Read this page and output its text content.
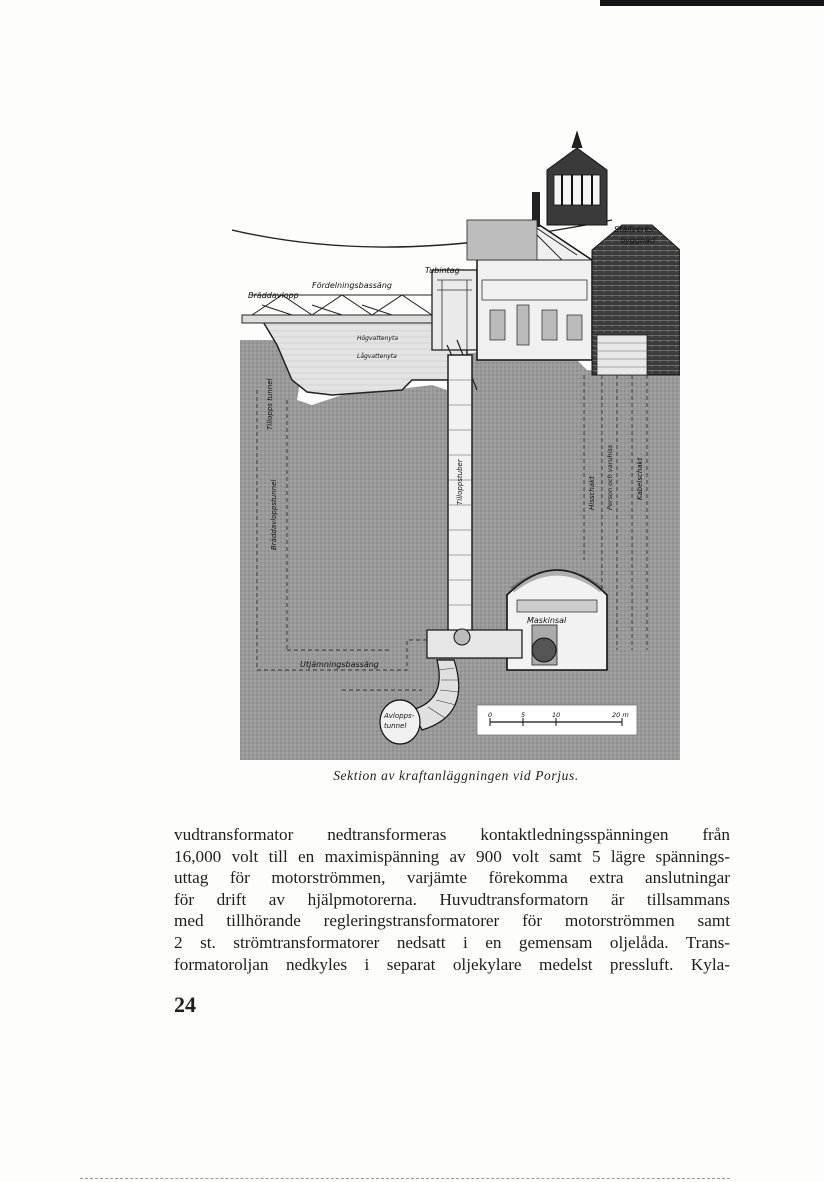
Ställverks-
byggnad
Tubintag
Fördelningsbassäng
Bräddavlopp
Högvattenyta
Lågvattenyta
Tillopps tunnel
Bräddavloppstunnel	Tilloppstuber	Hisschakt Person och varuhiss	Kabelschakt
Maskinsal
Utjämningsbassäng
Avlopps-
tunnel
0	5	10	20 m
Sektion av kraftanläggningen vid Porjus.
vudtransformator nedtransformeras kontaktledningsspänningen från
16,000 volt till en maximispänning av 900 volt samt 5 lägre spännings-
uttag för motorströmmen, varjämte förekomma extra anslutningar
för drift av hjälpmotorerna. Huvudtransformatorn är tillsammans
med tillhörande regleringstransformatorer för motorströmmen samt
2 st. strömtransformatorer nedsatt i en gemensam oljelåda. Trans-
formatoroljan nedkyles i separat oljekylare medelst pressluft. Kyla-
24
